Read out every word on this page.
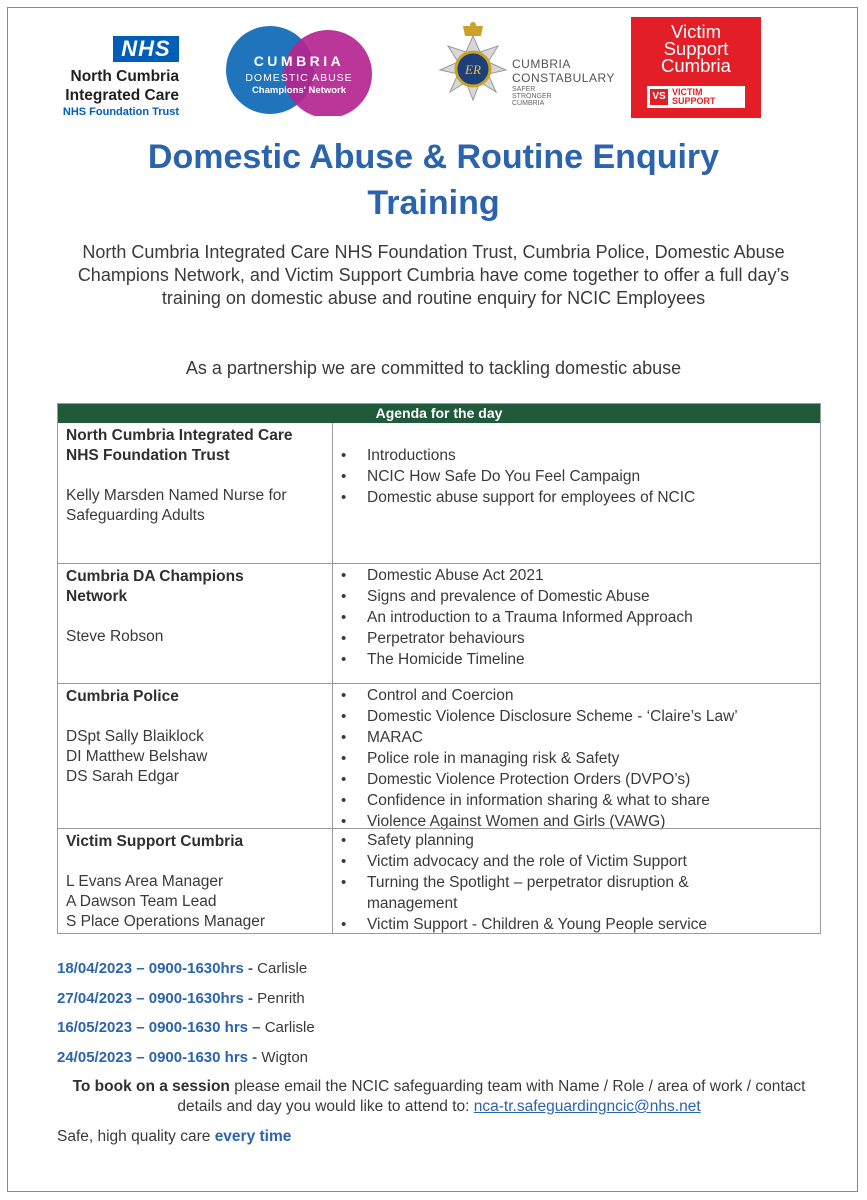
NHS
North Cumbria
Integrated Care
NHS Foundation Trust
CUMBRIA
DOMESTIC ABUSE
Champions' Network
ER	CUMBRIA
CONSTABULARY
SAFER STRONGER CUMBRIA
Victim
Support
Cumbria
VS VICTIM
SUPPORT
Domestic Abuse & Routine Enquiry
Training
North Cumbria Integrated Care NHS Foundation Trust, Cumbria Police, Domestic Abuse Champions Network, and Victim Support Cumbria have come together to offer a full day’s training on domestic abuse and routine enquiry for NCIC Employees
As a partnership we are committed to tackling domestic abuse
Agenda for the day
North Cumbria Integrated Care NHS Foundation Trust
Kelly Marsden Named Nurse for Safeguarding Adults
• Introductions
• NCIC How Safe Do You Feel Campaign
• Domestic abuse support for employees of NCIC
Cumbria DA Champions Network
Steve Robson
• Domestic Abuse Act 2021
• Signs and prevalence of Domestic Abuse
• An introduction to a Trauma Informed Approach
• Perpetrator behaviours
• The Homicide Timeline
Cumbria Police
DSpt Sally Blaiklock
DI Matthew Belshaw
DS Sarah Edgar
• Control and Coercion
• Domestic Violence Disclosure Scheme - ‘Claire’s Law’
• MARAC
• Police role in managing risk & Safety
• Domestic Violence Protection Orders (DVPO’s)
• Confidence in information sharing & what to share
• Violence Against Women and Girls (VAWG)
Victim Support Cumbria
L Evans Area Manager
A Dawson Team Lead
S Place Operations Manager
• Safety planning
• Victim advocacy and the role of Victim Support
• Turning the Spotlight – perpetrator disruption & management
• Victim Support - Children & Young People service
18/04/2023 – 0900-1630hrs - Carlisle
27/04/2023 – 0900-1630hrs - Penrith
16/05/2023 – 0900-1630 hrs – Carlisle
24/05/2023 – 0900-1630 hrs - Wigton
To book on a session please email the NCIC safeguarding team with Name / Role / area of work / contact details and day you would like to attend to: nca-tr.safeguardingncic@nhs.net
Safe, high quality care every time
